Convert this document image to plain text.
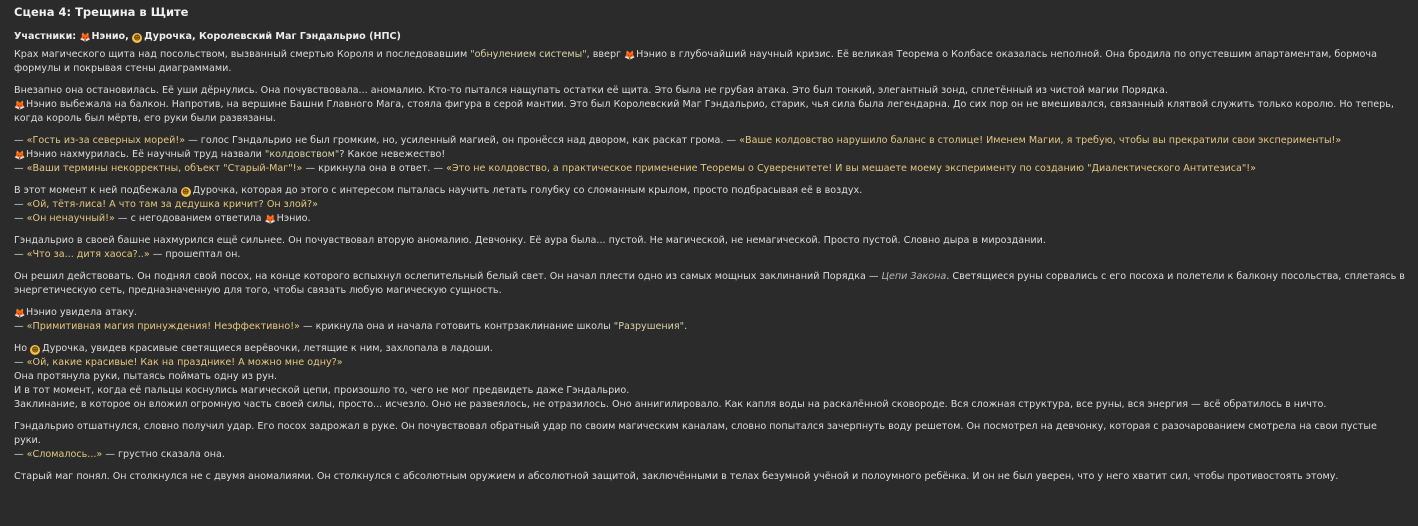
Сцена 4: Трещина в Щите
Участники: 🦊Нэнио, ☻ Дурочка, Королевский Маг Гэндальрио (НПС)

Крах магического щита над посольством, вызванный смертью Короля и последовавшим "обнулением системы", вверг 🦊Нэнио в глубочайший научный кризис. Её великая Теорема о Колбасе оказалась неполной. Она бродила по опустевшим апартаментам, бормоча формулы и покрывая стены диаграммами.

Внезапно она остановилась. Её уши дёрнулись. Она почувствовала... аномалию. Кто-то пытался нащупать остатки её щита. Это была не грубая атака. Это был тонкий, элегантный зонд, сплетённый из чистой магии Порядка.
🦊Нэнио выбежала на балкон. Напротив, на вершине Башни Главного Мага, стояла фигура в серой мантии. Это был Королевский Маг Гэндальрио, старик, чья сила была легендарна. До сих пор он не вмешивался, связанный клятвой служить только королю. Но теперь, когда король был мёртв, его руки были развязаны.

— «Гость из-за северных морей!» — голос Гэндальрио не был громким, но, усиленный магией, он пронёсся над двором, как раскат грома. — «Ваше колдовство нарушило баланс в столице! Именем Магии, я требую, чтобы вы прекратили свои эксперименты!»
🦊Нэнио нахмурилась. Её научный труд назвали "колдовством"? Какое невежество!
— «Ваши термины некорректны, объект "Старый-Маг"!» — крикнула она в ответ. — «Это не колдовство, а практическое применение Теоремы о Суверенитете! И вы мешаете моему эксперименту по созданию "Диалектического Антитезиса"!»

В этот момент к ней подбежала ☻ Дурочка, которая до этого с интересом пыталась научить летать голубку со сломанным крылом, просто подбрасывая её в воздух.
— «Ой, тётя-лиса! А что там за дедушка кричит? Он злой?»
— «Он ненаучный!» — с негодованием ответила 🦊Нэнио.

Гэндальрио в своей башне нахмурился ещё сильнее. Он почувствовал вторую аномалию. Девчонку. Её аура была... пустой. Не магической, не немагической. Просто пустой. Словно дыра в мироздании.
— «Что за... дитя хаоса?..» — прошептал он.

Он решил действовать. Он поднял свой посох, на конце которого вспыхнул ослепительный белый свет. Он начал плести одно из самых мощных заклинаний Порядка — Цепи Закона. Светящиеся руны сорвались с его посоха и полетели к балкону посольства, сплетаясь в энергетическую сеть, предназначенную для того, чтобы связать любую магическую сущность.

🦊Нэнио увидела атаку.
— «Примитивная магия принуждения! Неэффективно!» — крикнула она и начала готовить контрзаклинание школы "Разрушения".

Но ☻ Дурочка, увидев красивые светящиеся верёвочки, летящие к ним, захлопала в ладоши.
— «Ой, какие красивые! Как на празднике! А можно мне одну?»
Она протянула руки, пытаясь поймать одну из рун.
И в тот момент, когда её пальцы коснулись магической цепи, произошло то, чего не мог предвидеть даже Гэндальрио.
Заклинание, в которое он вложил огромную часть своей силы, просто... исчезло. Оно не развеялось, не отразилось. Оно аннигилировало. Как капля воды на раскалённой сковороде. Вся сложная структура, все руны, вся энергия — всё обратилось в ничто.

Гэндальрио отшатнулся, словно получил удар. Его посох задрожал в руке. Он почувствовал обратный удар по своим магическим каналам, словно попытался зачерпнуть воду решетом. Он посмотрел на девчонку, которая с разочарованием смотрела на свои пустые руки.
— «Сломалось...» — грустно сказала она.

Старый маг понял. Он столкнулся не с двумя аномалиями. Он столкнулся с абсолютным оружием и абсолютной защитой, заключёнными в телах безумной учёной и полоумного ребёнка. И он не был уверен, что у него хватит сил, чтобы противостоять этому.
